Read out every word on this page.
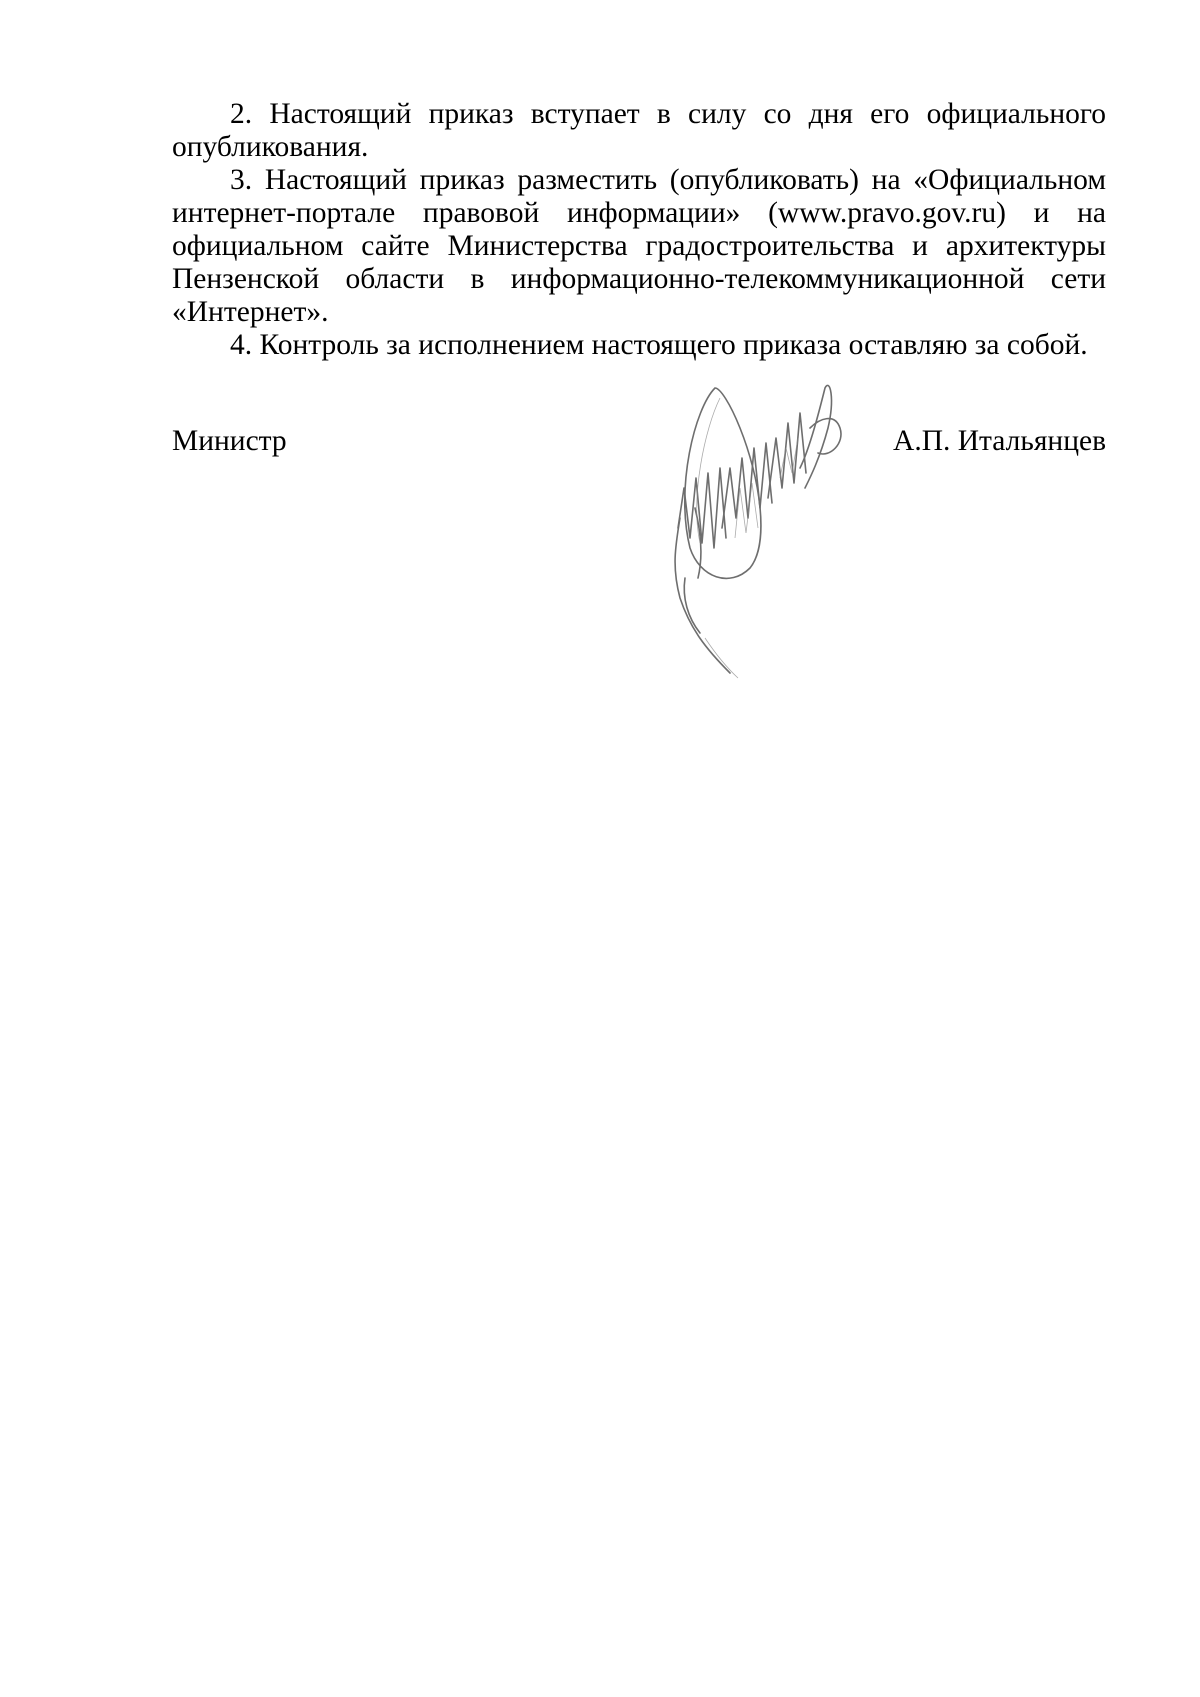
2. Настоящий приказ вступает в силу со дня его официального опубликования.

3. Настоящий приказ разместить (опубликовать) на «Официальном интернет-портале правовой информации» (www.pravo.gov.ru) и на официальном сайте Министерства градостроительства и архитектуры Пензенской области в информационно-телекоммуникационной сети «Интернет».

4. Контроль за исполнением настоящего приказа оставляю за собой.

Министр	А.П. Итальянцев
